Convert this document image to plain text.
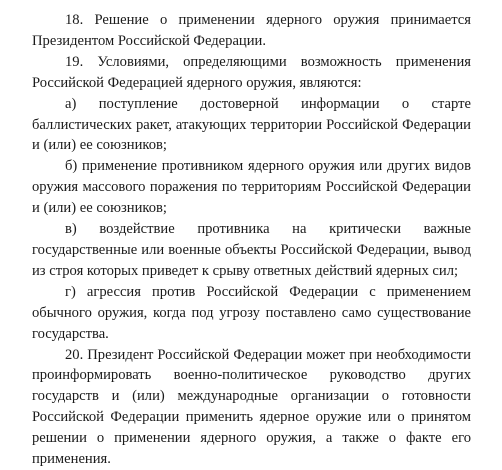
18. Решение о применении ядерного оружия принимается Президентом Российской Федерации.

19. Условиями, определяющими возможность применения Российской Федерацией ядерного оружия, являются:

а) поступление достоверной информации о старте баллистических ракет, атакующих территории Российской Федерации и (или) ее союзников;

б) применение противником ядерного оружия или других видов оружия массового поражения по территориям Российской Федерации и (или) ее союзников;

в) воздействие противника на критически важные государственные или военные объекты Российской Федерации, вывод из строя которых приведет к срыву ответных действий ядерных сил;

г) агрессия против Российской Федерации с применением обычного оружия, когда под угрозу поставлено само существование государства.

20. Президент Российской Федерации может при необходимости проинформировать военно-политическое руководство других государств и (или) международные организации о готовности Российской Федерации применить ядерное оружие или о принятом решении о применении ядерного оружия, а также о факте его применения.
